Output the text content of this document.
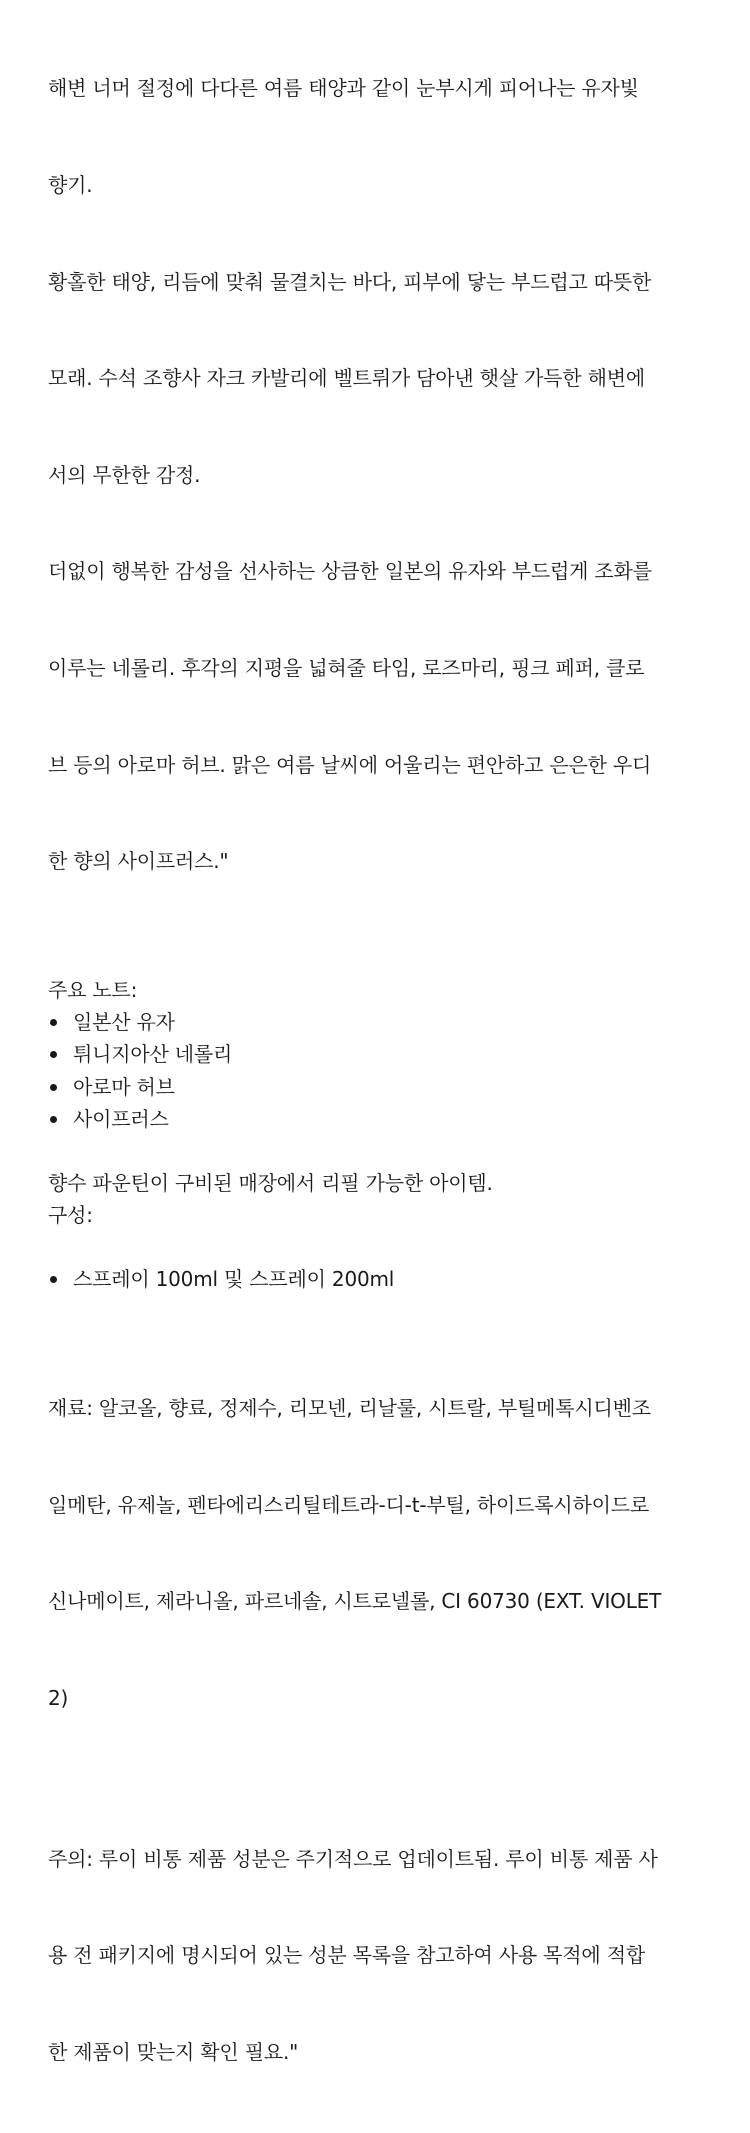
해변 너머 절정에 다다른 여름 태양과 같이 눈부시게 피어나는 유자빛

향기.

황홀한 태양, 리듬에 맞춰 물결치는 바다, 피부에 닿는 부드럽고 따뜻한

모래. 수석 조향사 자크 카발리에 벨트뤼가 담아낸 햇살 가득한 해변에

서의 무한한 감정.

더없이 행복한 감성을 선사하는 상큼한 일본의 유자와 부드럽게 조화를

이루는 네롤리. 후각의 지평을 넓혀줄 타임, 로즈마리, 핑크 페퍼, 클로

브 등의 아로마 허브. 맑은 여름 날씨에 어울리는 편안하고 은은한 우디

한 향의 사이프러스."

주요 노트:
일본산 유자
튀니지아산 네롤리
아로마 허브
사이프러스
향수 파운틴이 구비된 매장에서 리필 가능한 아이템.
구성:
스프레이 100ml 및 스프레이 200ml

재료: 알코올, 향료, 정제수, 리모넨, 리날룰, 시트랄, 부틸메톡시디벤조

일메탄, 유제놀, 펜타에리스리틸테트라-디-t-부틸, 하이드록시하이드로

신나메이트, 제라니올, 파르네솔, 시트로넬롤, CI 60730 (EXT. VIOLET

2)

주의: 루이 비통 제품 성분은 주기적으로 업데이트됨. 루이 비통 제품 사

용 전 패키지에 명시되어 있는 성분 목록을 참고하여 사용 목적에 적합

한 제품이 맞는지 확인 필요."
